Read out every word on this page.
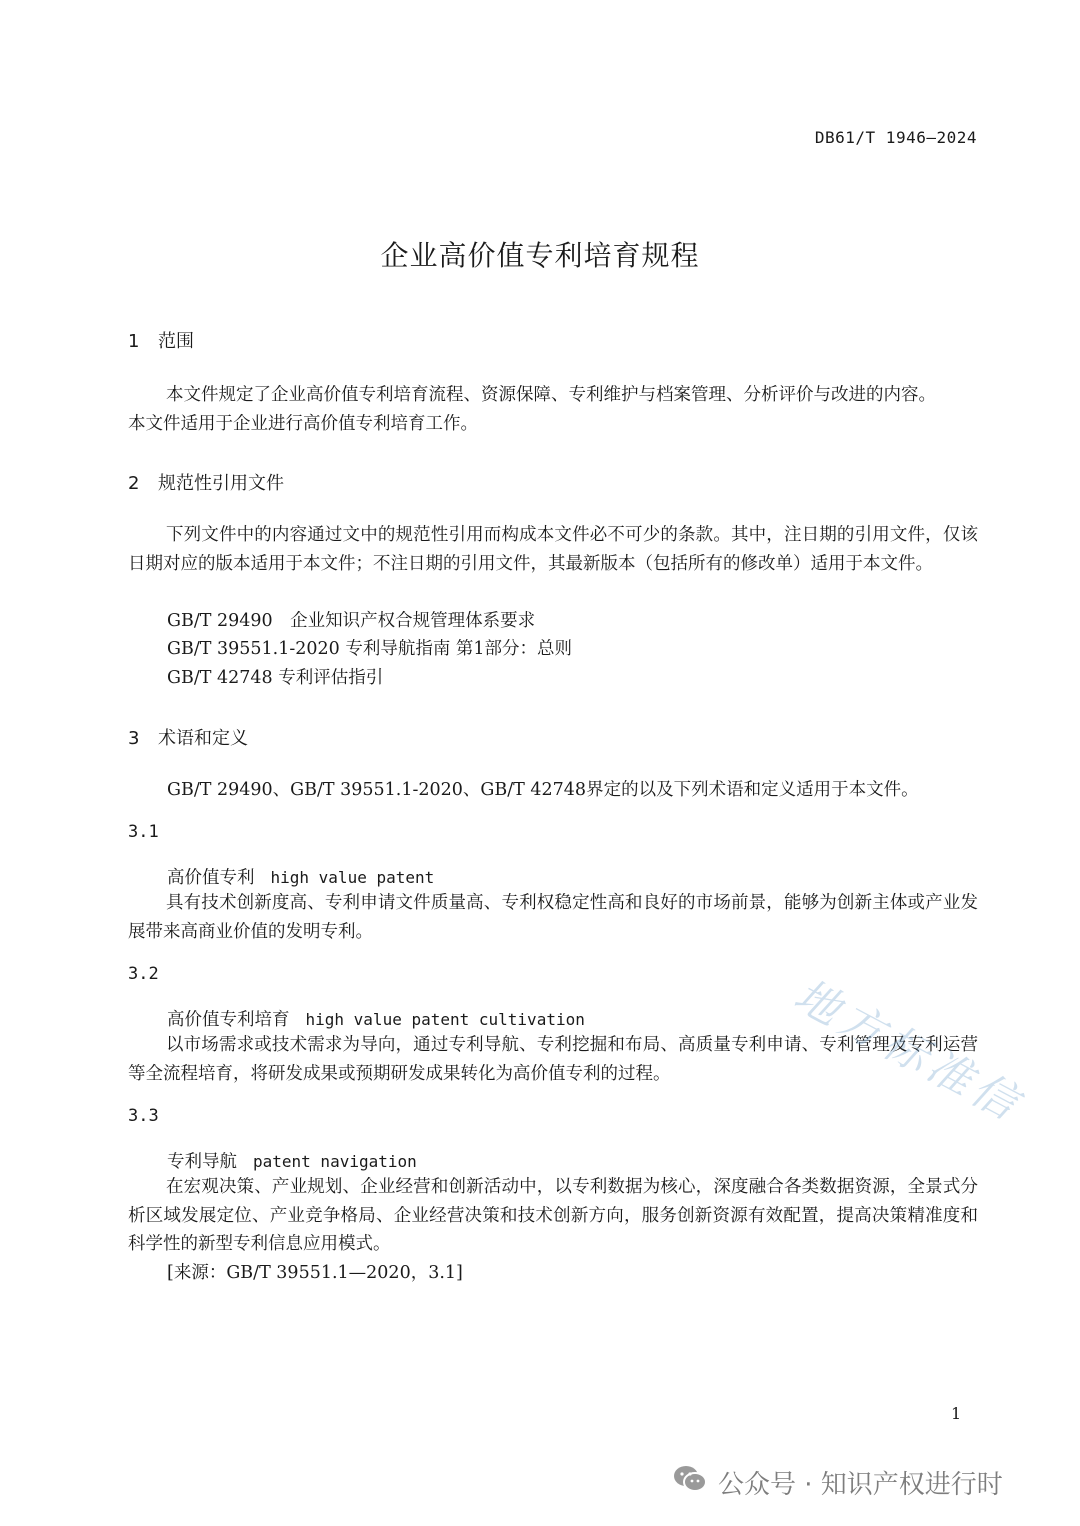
DB61/T 1946—2024
企业高价值专利培育规程
1 范围
本文件规定了企业高价值专利培育流程、资源保障、专利维护与档案管理、分析评价与改进的内容。
本文件适用于企业进行高价值专利培育工作。
2 规范性引用文件
下列文件中的内容通过文中的规范性引用而构成本文件必不可少的条款。其中，注日期的引用文件，仅该日期对应的版本适用于本文件；不注日期的引用文件，其最新版本（包括所有的修改单）适用于本文件。
GB/T 29490　企业知识产权合规管理体系要求
GB/T 39551.1-2020 专利导航指南 第1部分：总则
GB/T 42748 专利评估指引
3 术语和定义
GB/T 29490、GB/T 39551.1-2020、GB/T 42748界定的以及下列术语和定义适用于本文件。
3.1
高价值专利 high value patent
具有技术创新度高、专利申请文件质量高、专利权稳定性高和良好的市场前景，能够为创新主体或产业发展带来高商业价值的发明专利。
3.2
高价值专利培育 high value patent cultivation
以市场需求或技术需求为导向，通过专利导航、专利挖掘和布局、高质量专利申请、专利管理及专利运营等全流程培育，将研发成果或预期研发成果转化为高价值专利的过程。
3.3
专利导航 patent navigation
在宏观决策、产业规划、企业经营和创新活动中，以专利数据为核心，深度融合各类数据资源，全景式分析区域发展定位、产业竞争格局、企业经营决策和技术创新方向，服务创新资源有效配置，提高决策精准度和科学性的新型专利信息应用模式。
[来源：GB/T 39551.1—2020，3.1]
地方标准信
1
公众号 · 知识产权进行时
